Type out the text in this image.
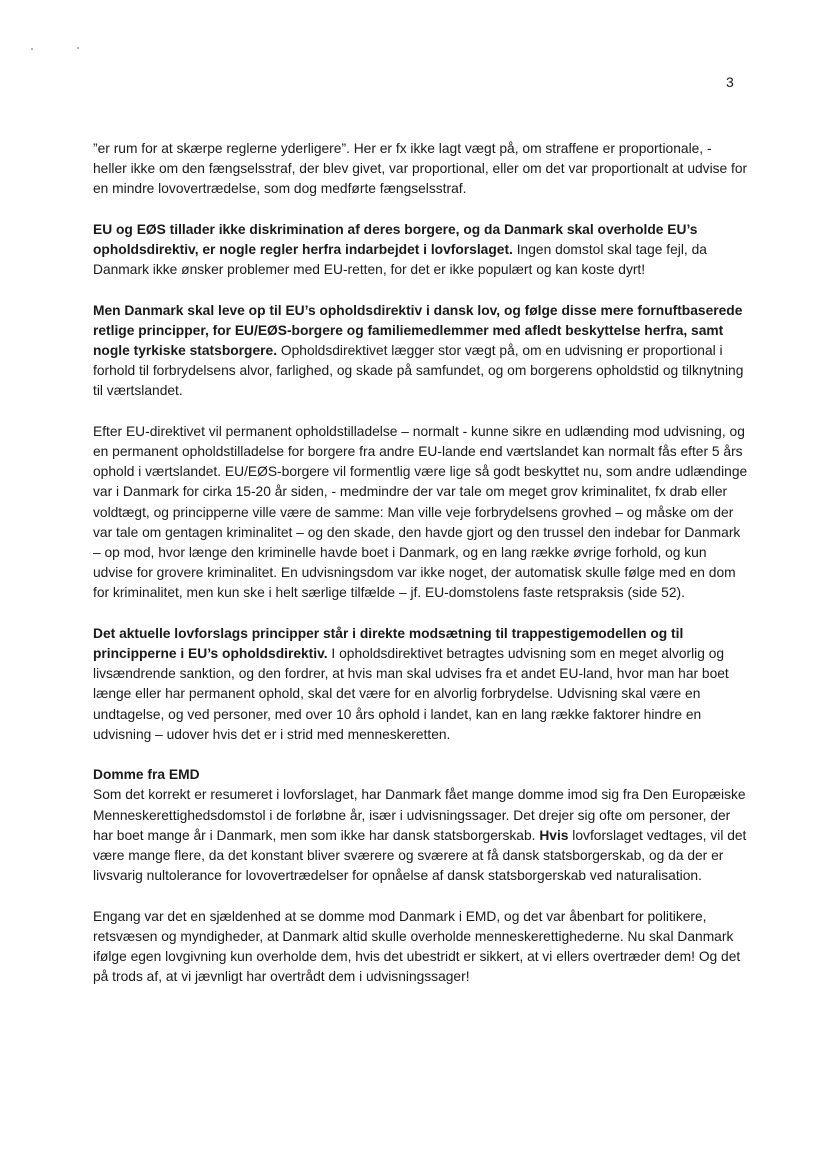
3

”er rum for at skærpe reglerne yderligere”. Her er fx ikke lagt vægt på, om straffene er proportionale, - heller ikke om den fængselsstraf, der blev givet, var proportional, eller om det var proportionalt at udvise for en mindre lovovertrædelse, som dog medførte fængselsstraf.

EU og EØS tillader ikke diskrimination af deres borgere, og da Danmark skal overholde EU’s opholdsdirektiv, er nogle regler herfra indarbejdet i lovforslaget. Ingen domstol skal tage fejl, da Danmark ikke ønsker problemer med EU-retten, for det er ikke populært og kan koste dyrt!

Men Danmark skal leve op til EU’s opholdsdirektiv i dansk lov, og følge disse mere fornuftbaserede retlige principper, for EU/EØS-borgere og familiemedlemmer med afledt beskyttelse herfra, samt nogle tyrkiske statsborgere. Opholdsdirektivet lægger stor vægt på, om en udvisning er proportional i forhold til forbrydelsens alvor, farlighed, og skade på samfundet, og om borgerens opholdstid og tilknytning til værtslandet.

Efter EU-direktivet vil permanent opholdstilladelse – normalt - kunne sikre en udlænding mod udvisning, og en permanent opholdstilladelse for borgere fra andre EU-lande end værtslandet kan normalt fås efter 5 års ophold i værtslandet. EU/EØS-borgere vil formentlig være lige så godt beskyttet nu, som andre udlændinge var i Danmark for cirka 15-20 år siden, - medmindre der var tale om meget grov kriminalitet, fx drab eller voldtægt, og principperne ville være de samme: Man ville veje forbrydelsens grovhed – og måske om der var tale om gentagen kriminalitet – og den skade, den havde gjort og den trussel den indebar for Danmark – op mod, hvor længe den kriminelle havde boet i Danmark, og en lang række øvrige forhold, og kun udvise for grovere kriminalitet. En udvisningsdom var ikke noget, der automatisk skulle følge med en dom for kriminalitet, men kun ske i helt særlige tilfælde – jf. EU-domstolens faste retspraksis (side 52).

Det aktuelle lovforslags principper står i direkte modsætning til trappestigemodellen og til principperne i EU’s opholdsdirektiv. I opholdsdirektivet betragtes udvisning som en meget alvorlig og livsændrende sanktion, og den fordrer, at hvis man skal udvises fra et andet EU-land, hvor man har boet længe eller har permanent ophold, skal det være for en alvorlig forbrydelse. Udvisning skal være en undtagelse, og ved personer, med over 10 års ophold i landet, kan en lang række faktorer hindre en udvisning – udover hvis det er i strid med menneskeretten.

Domme fra EMD

Som det korrekt er resumeret i lovforslaget, har Danmark fået mange domme imod sig fra Den Europæiske Menneskerettighedsdomstol i de forløbne år, især i udvisningssager. Det drejer sig ofte om personer, der har boet mange år i Danmark, men som ikke har dansk statsborgerskab. Hvis lovforslaget vedtages, vil det være mange flere, da det konstant bliver sværere og sværere at få dansk statsborgerskab, og da der er livsvarig nultolerance for lovovertrædelser for opnåelse af dansk statsborgerskab ved naturalisation.

Engang var det en sjældenhed at se domme mod Danmark i EMD, og det var åbenbart for politikere, retsvæsen og myndigheder, at Danmark altid skulle overholde menneskerettighederne. Nu skal Danmark ifølge egen lovgivning kun overholde dem, hvis det ubestridt er sikkert, at vi ellers overtræder dem! Og det på trods af, at vi jævnligt har overtrådt dem i udvisningssager!
